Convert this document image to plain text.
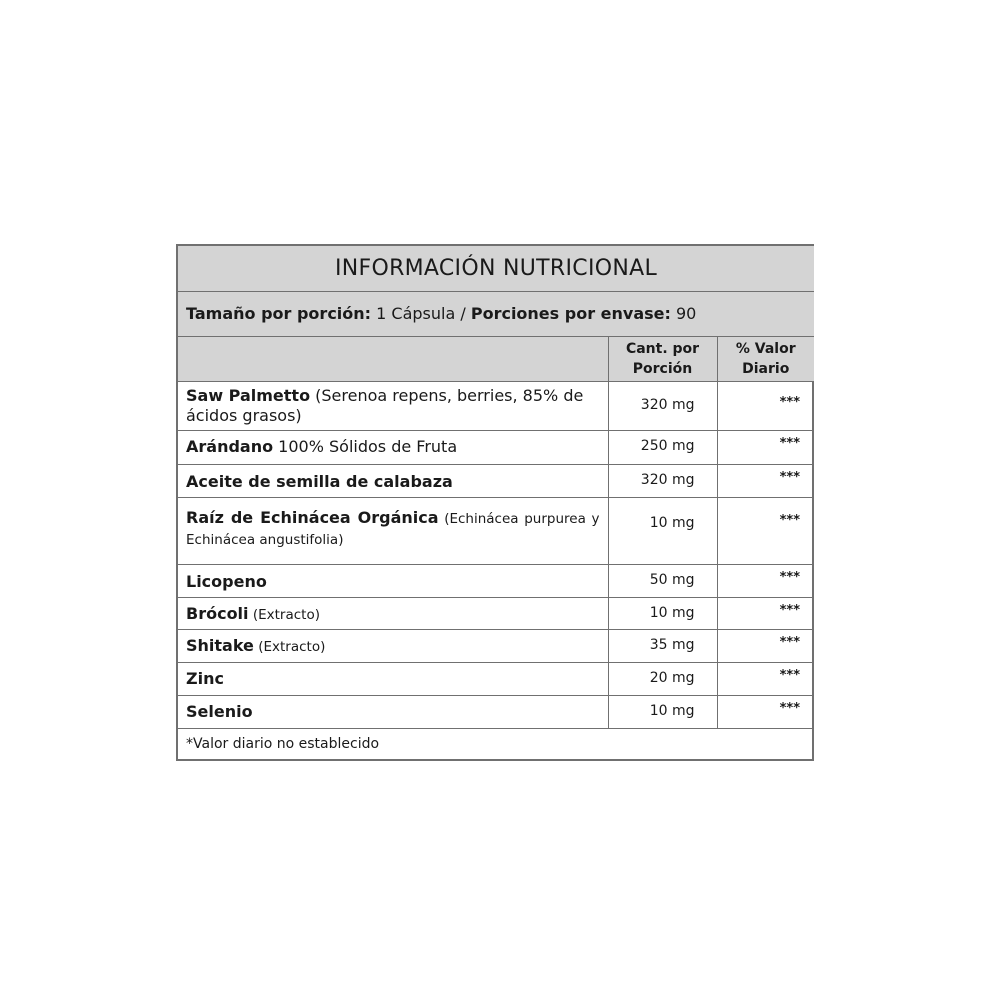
INFORMACIÓN NUTRICIONAL		
Tamaño por porción: 1 Cápsula / Porciones por envase: 90		
	Cant. por Porción	% Valor Diario
Saw Palmetto (Serenoa repens, berries, 85% de ácidos grasos)	320 mg	***
Arándano 100% Sólidos de Fruta	250 mg	***
Aceite de semilla de calabaza	320 mg	***
Raíz de Echinácea Orgánica (Echinácea purpurea y Echinácea angustifolia)	10 mg	***
Licopeno	50 mg	***
Brócoli (Extracto)	10 mg	***
Shitake (Extracto)	35 mg	***
Zinc	20 mg	***
Selenio	10 mg	***
*Valor diario no establecido		
